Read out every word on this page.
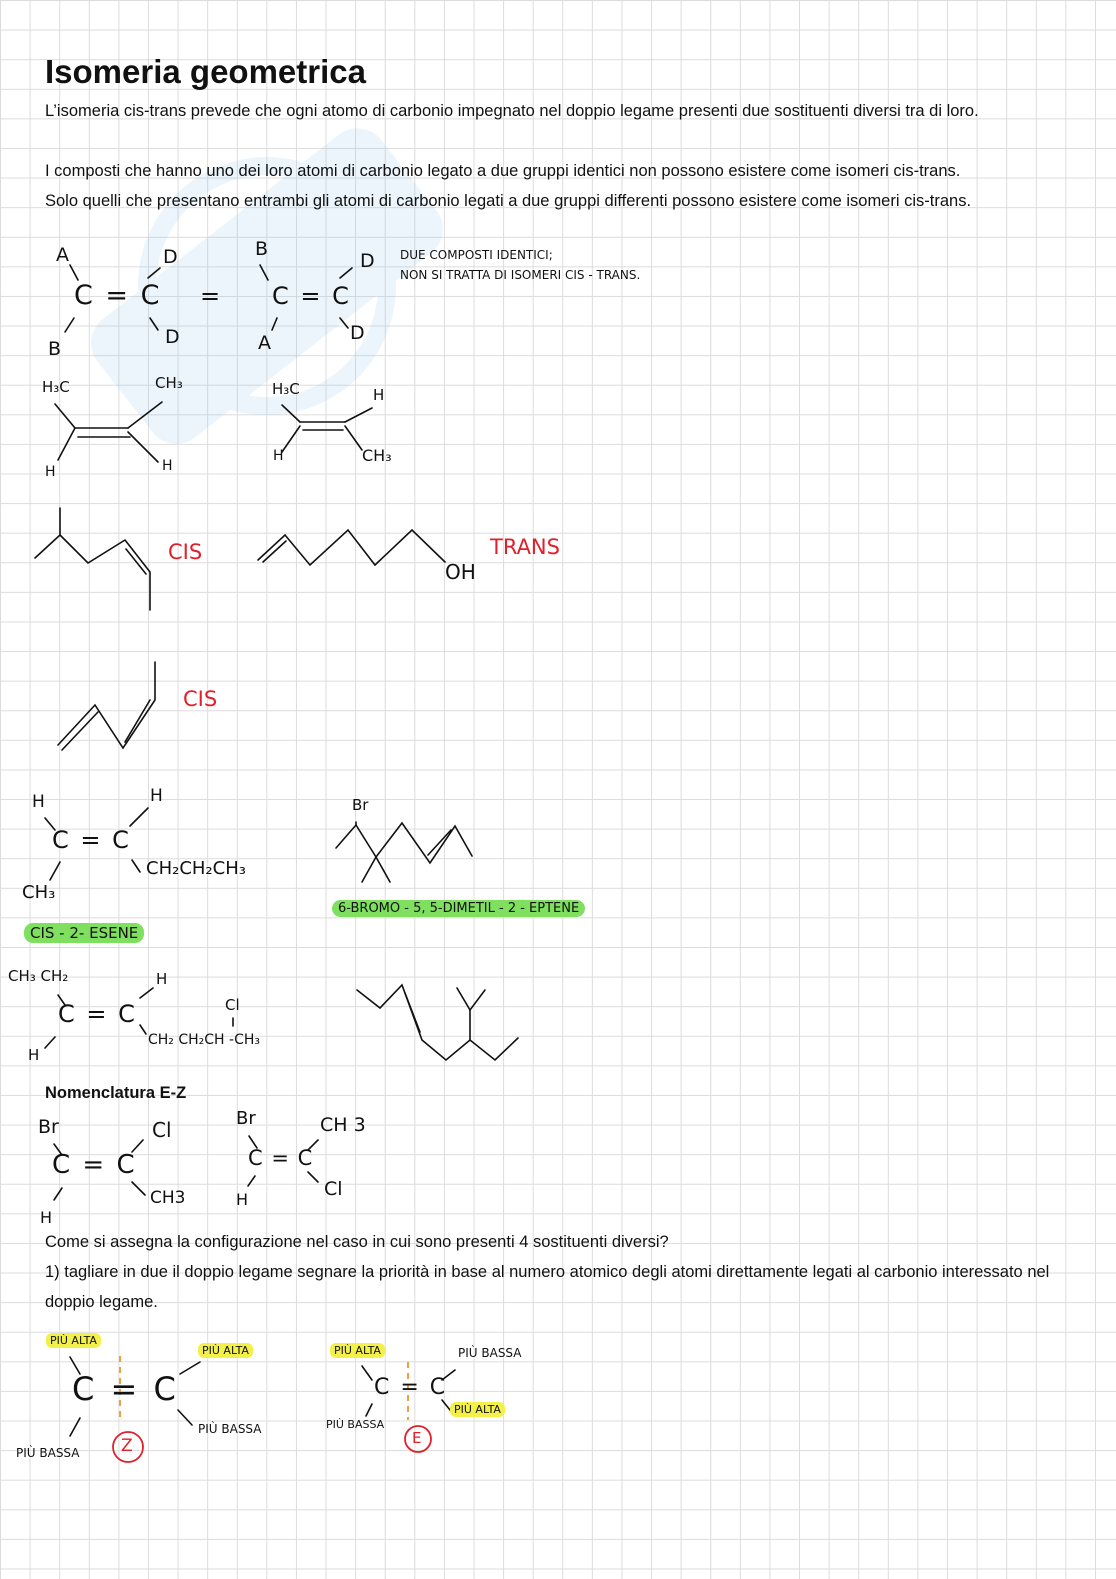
Isomeria geometrica
L’isomeria cis-trans prevede che ogni atomo di carbonio impegnato nel doppio legame presenti due sostituenti diversi tra di loro.
I composti che hanno uno dei loro atomi di carbonio legato a due gruppi identici non possono esistere come isomeri cis-trans.
Solo quelli che presentano entrambi gli atomi di carbonio legati a due gruppi differenti possono esistere come isomeri cis-trans.
A	D
C = C
B
D
=
B
D
C = C
A	D
DUE COMPOSTI IDENTICI;
NON SI TRATTA DI ISOMERI CIS - TRANS.
H₃C	CH₃
H	H
H₃C	H
H	CH₃
CIS
OH
TRANS
CIS
H	H
C = C
CH₃
CH₂CH₂CH₃
CIS - 2- ESENE
Br
6-BROMO - 5, 5-DIMETIL - 2 - EPTENE
CH₃ CH₂	H
C = C
H
CH₂ CH₂CH -CH₃
Cl
Nomenclatura E-Z
Br	Cl
C = C
H
CH3
Br	CH 3
C = C
H	Cl
Come si assegna la configurazione nel caso in cui sono presenti 4 sostituenti diversi?
1) tagliare in due il doppio legame segnare la priorità in base al numero atomico degli atomi direttamente legati al carbonio interessato nel doppio legame.
PIÙ ALTA
PIÙ ALTA
C = C
PIÙ BASSA
PIÙ BASSA
Z
PIÙ ALTA	PIÙ BASSA
C = C
PIÙ BASSA
PIÙ ALTA
E
